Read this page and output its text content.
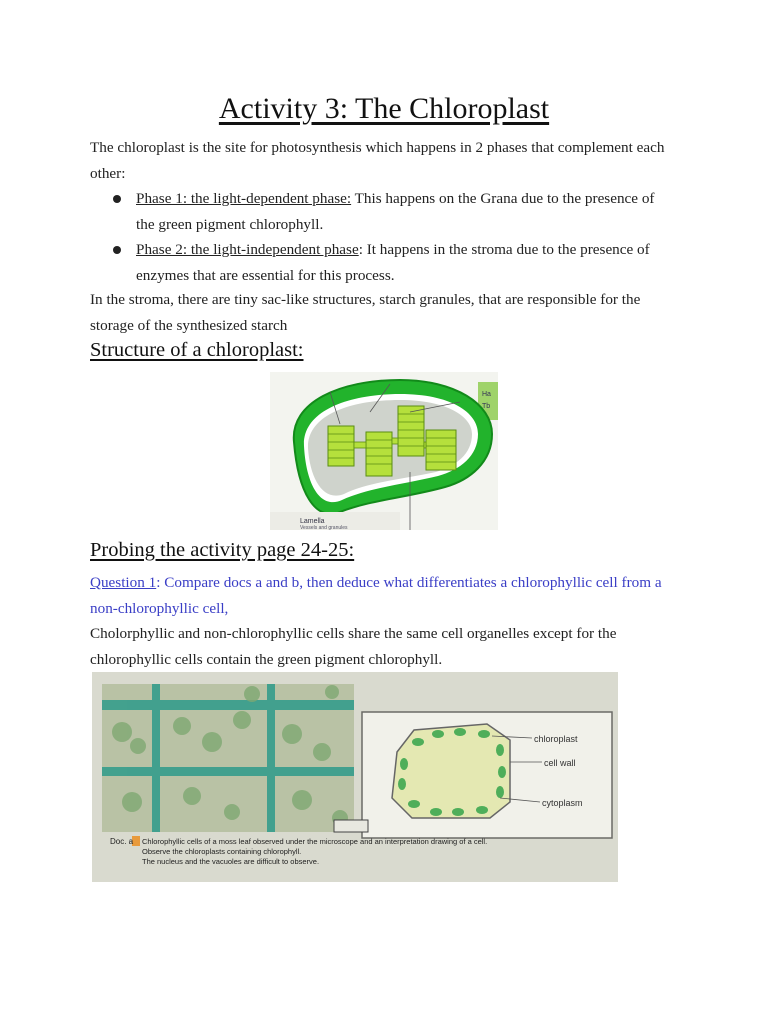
Activity 3: The Chloroplast
The chloroplast is the site for photosynthesis which happens in 2 phases that complement each other:
Phase 1: the light-dependent phase: This happens on the Grana due to the presence of the green pigment chlorophyll.
Phase 2: the light-independent phase: It happens in the stroma due to the presence of enzymes that are essential for this process.
In the stroma, there are tiny sac-like structures, starch granules, that are responsible for the storage of the synthesized starch
Structure of a chloroplast:
Ha
Tb
Lamella
Vessels and granules
Probing the activity page 24-25:
Question 1: Compare docs a and b, then deduce what differentiates a chlorophyllic cell from a non-chlorophyllic cell,
Cholorphyllic and non-chlorophyllic cells share the same cell organelles except for the chlorophyllic cells contain the green pigment chlorophyll.
chloroplast
cell wall
cytoplasm
Doc. a Chlorophyllic cells of a moss leaf observed under the microscope and an interpretation drawing of a cell.
Observe the chloroplasts containing chlorophyll.
The nucleus and the vacuoles are difficult to observe.
